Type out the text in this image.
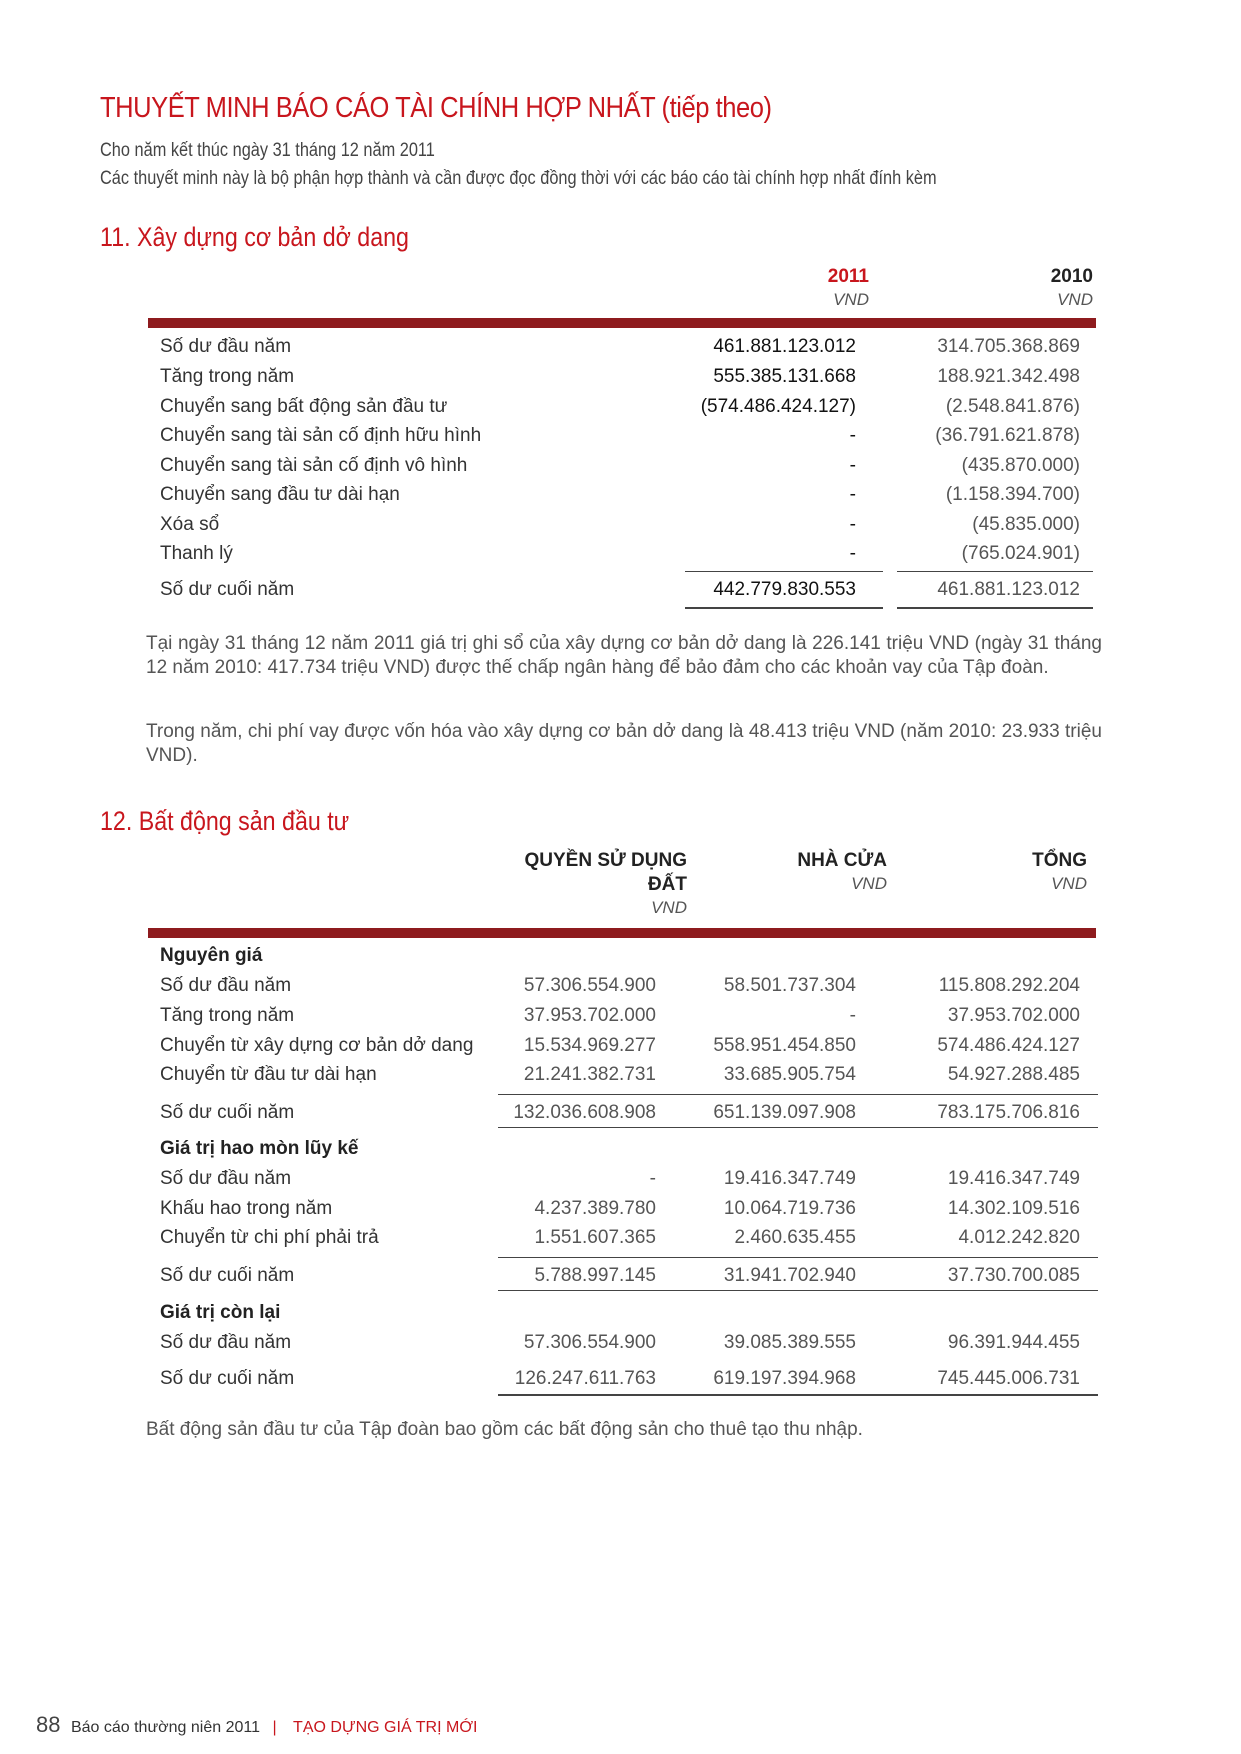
THUYẾT MINH BÁO CÁO TÀI CHÍNH HỢP NHẤT (tiếp theo)
Cho năm kết thúc ngày 31 tháng 12 năm 2011
Các thuyết minh này là bộ phận hợp thành và cần được đọc đồng thời với các báo cáo tài chính hợp nhất đính kèm
11. Xây dựng cơ bản dở dang
2011	2010
VND	VND
Số dư đầu năm	461.881.123.012	314.705.368.869
Tăng trong năm	555.385.131.668	188.921.342.498
Chuyển sang bất động sản đầu tư	(574.486.424.127)	(2.548.841.876)
Chuyển sang tài sản cố định hữu hình	-	(36.791.621.878)
Chuyển sang tài sản cố định vô hình	-	(435.870.000)
Chuyển sang đầu tư dài hạn	-	(1.158.394.700)
Xóa sổ	-	(45.835.000)
Thanh lý	-	(765.024.901)
Số dư cuối năm	442.779.830.553	461.881.123.012
Tại ngày 31 tháng 12 năm 2011 giá trị ghi sổ của xây dựng cơ bản dở dang là 226.141 triệu VND (ngày 31 tháng 12 năm 2010: 417.734 triệu VND) được thế chấp ngân hàng để bảo đảm cho các khoản vay của Tập đoàn.
Trong năm, chi phí vay được vốn hóa vào xây dựng cơ bản dở dang là 48.413 triệu VND (năm 2010: 23.933 triệu VND).
12. Bất động sản đầu tư
QUYỀN SỬ DỤNG
ĐẤT
VND
NHÀ CỬA
VND
TỔNG
VND
Nguyên giá
Số dư đầu năm	57.306.554.900	58.501.737.304	115.808.292.204
Tăng trong năm	37.953.702.000	-	37.953.702.000
Chuyển từ xây dựng cơ bản dở dang	15.534.969.277	558.951.454.850	574.486.424.127
Chuyển từ đầu tư dài hạn	21.241.382.731	33.685.905.754	54.927.288.485
Số dư cuối năm	132.036.608.908	651.139.097.908	783.175.706.816
Giá trị hao mòn lũy kế
Số dư đầu năm	-	19.416.347.749	19.416.347.749
Khấu hao trong năm	4.237.389.780	10.064.719.736	14.302.109.516
Chuyển từ chi phí phải trả	1.551.607.365	2.460.635.455	4.012.242.820
Số dư cuối năm	5.788.997.145	31.941.702.940	37.730.700.085
Giá trị còn lại
Số dư đầu năm	57.306.554.900	39.085.389.555	96.391.944.455
Số dư cuối năm	126.247.611.763	619.197.394.968	745.445.006.731
Bất động sản đầu tư của Tập đoàn bao gồm các bất động sản cho thuê tạo thu nhập.
88 Báo cáo thường niên 2011 | TẠO DỰNG GIÁ TRỊ MỚI
